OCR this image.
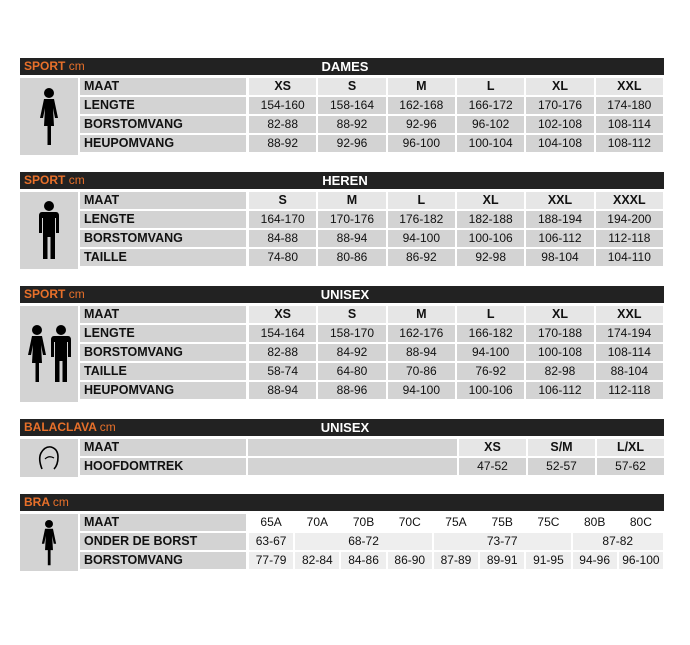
SPORT cm	DAMES
MAAT	XS	S	M	L	XL	XXL
LENGTE	154-160	158-164	162-168	166-172	170-176	174-180
BORSTOMVANG	82-88	88-92	92-96	96-102	102-108	108-114
HEUPOMVANG	88-92	92-96	96-100	100-104	104-108	108-112
SPORT cm	HEREN
MAAT	S	M	L	XL	XXL	XXXL
LENGTE	164-170	170-176	176-182	182-188	188-194	194-200
BORSTOMVANG	84-88	88-94	94-100	100-106	106-112	112-118
TAILLE	74-80	80-86	86-92	92-98	98-104	104-110
SPORT cm	UNISEX
MAAT	XS	S	M	L	XL	XXL
LENGTE	154-164	158-170	162-176	166-182	170-188	174-194
BORSTOMVANG	82-88	84-92	88-94	94-100	100-108	108-114
TAILLE	58-74	64-80	70-86	76-92	82-98	88-104
HEUPOMVANG	88-94	88-96	94-100	100-106	106-112	112-118
BALACLAVA cm	UNISEX
MAAT	XS	S/M	L/XL
HOOFDOMTREK	47-52	52-57	57-62
BRA cm
MAAT	65A	70A	70B	70C	75A	75B	75C	80B	80C
ONDER DE BORST	63-67	68-72	73-77	87-82
BORSTOMVANG	77-79	82-84	84-86	86-90	87-89	89-91	91-95	94-96	96-100
